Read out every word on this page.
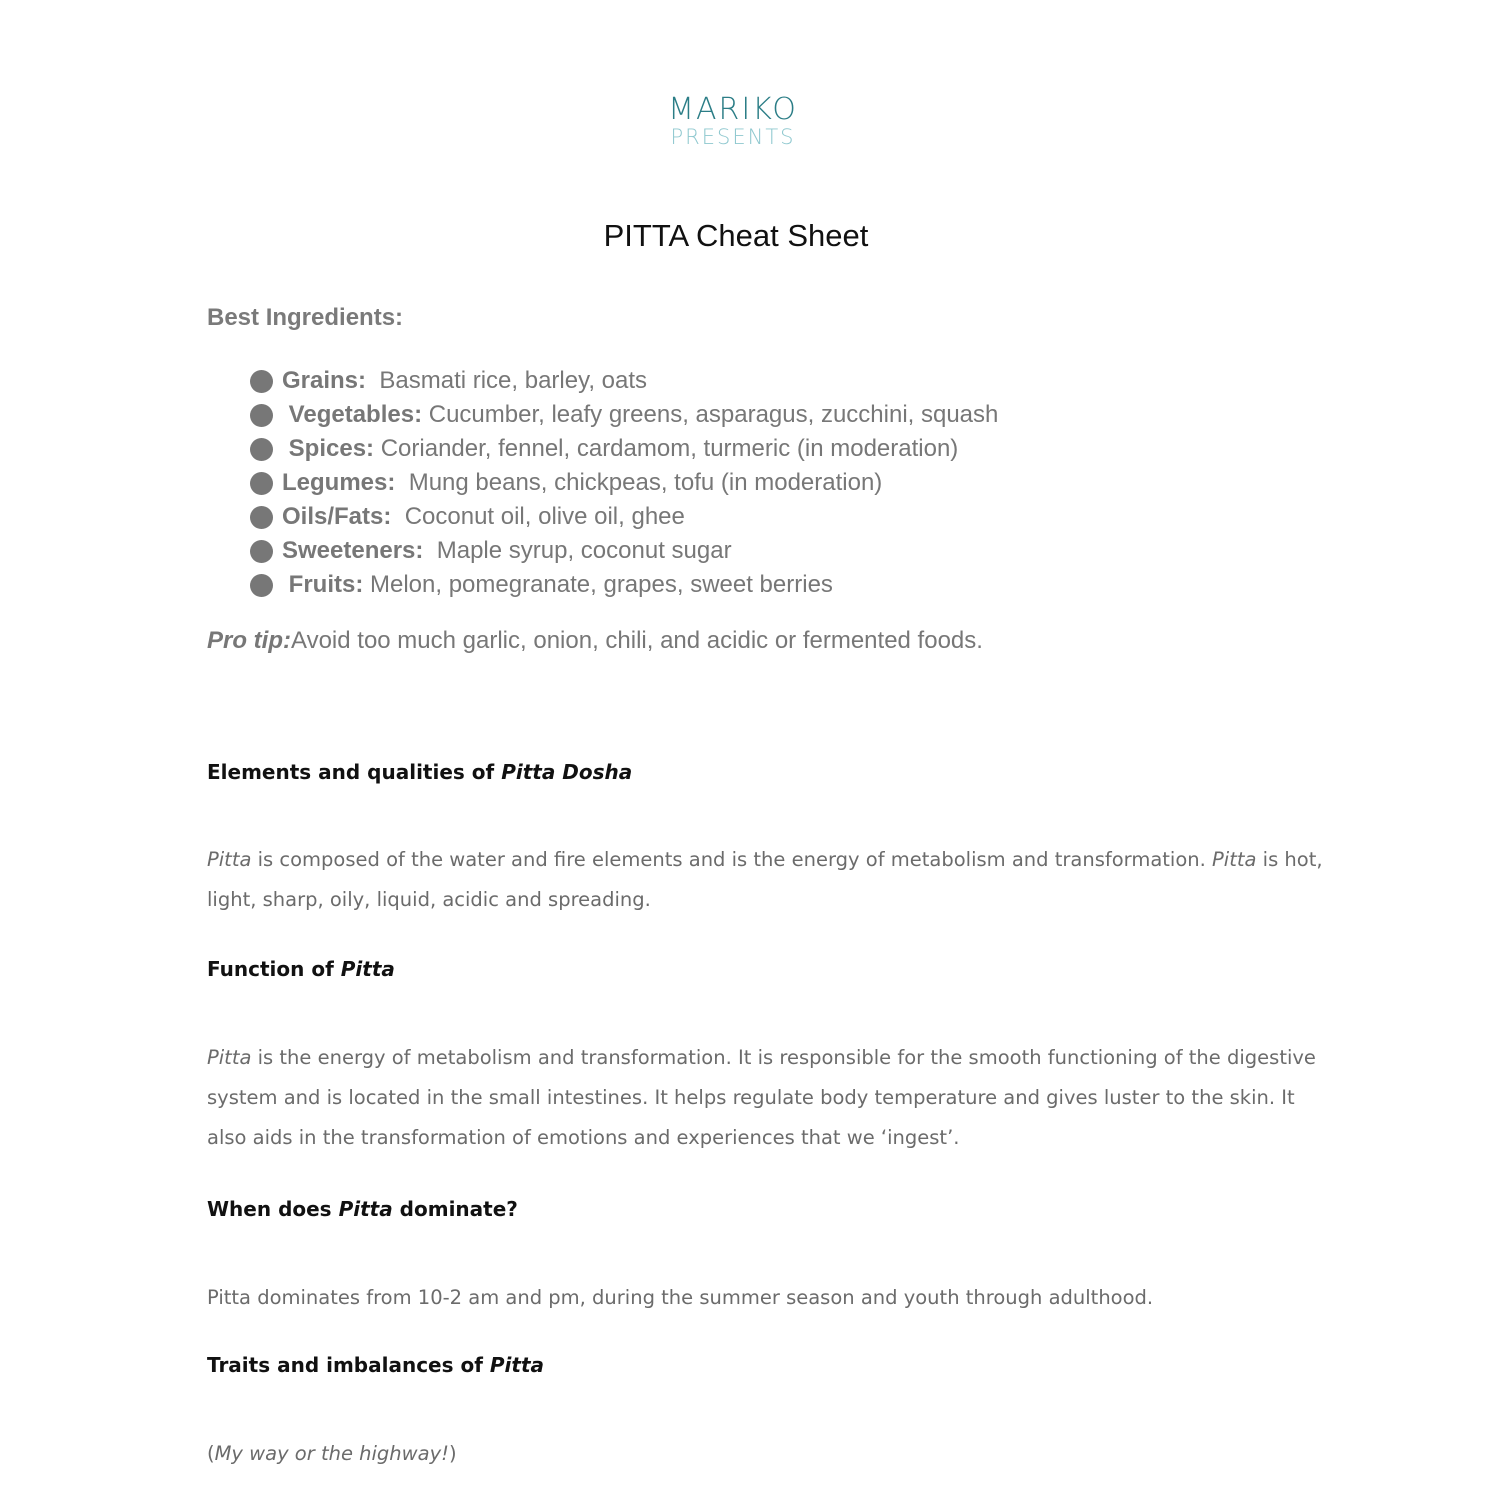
MARIKO
PRESENTS
PITTA Cheat Sheet
Best Ingredients:
Grains: Basmati rice, barley, oats
Vegetables: Cucumber, leafy greens, asparagus, zucchini, squash
Spices: Coriander, fennel, cardamom, turmeric (in moderation)
Legumes: Mung beans, chickpeas, tofu (in moderation)
Oils/Fats: Coconut oil, olive oil, ghee
Sweeteners: Maple syrup, coconut sugar
Fruits: Melon, pomegranate, grapes, sweet berries
Pro tip:Avoid too much garlic, onion, chili, and acidic or fermented foods.
Elements and qualities of Pitta Dosha
Pitta is composed of the water and fire elements and is the energy of metabolism and transformation. Pitta is hot, light, sharp, oily, liquid, acidic and spreading.
Function of Pitta
Pitta is the energy of metabolism and transformation. It is responsible for the smooth functioning of the digestive system and is located in the small intestines. It helps regulate body temperature and gives luster to the skin. It also aids in the transformation of emotions and experiences that we ‘ingest’.
When does Pitta dominate?
Pitta dominates from 10-2 am and pm, during the summer season and youth through adulthood.
Traits and imbalances of Pitta
(My way or the highway!)
